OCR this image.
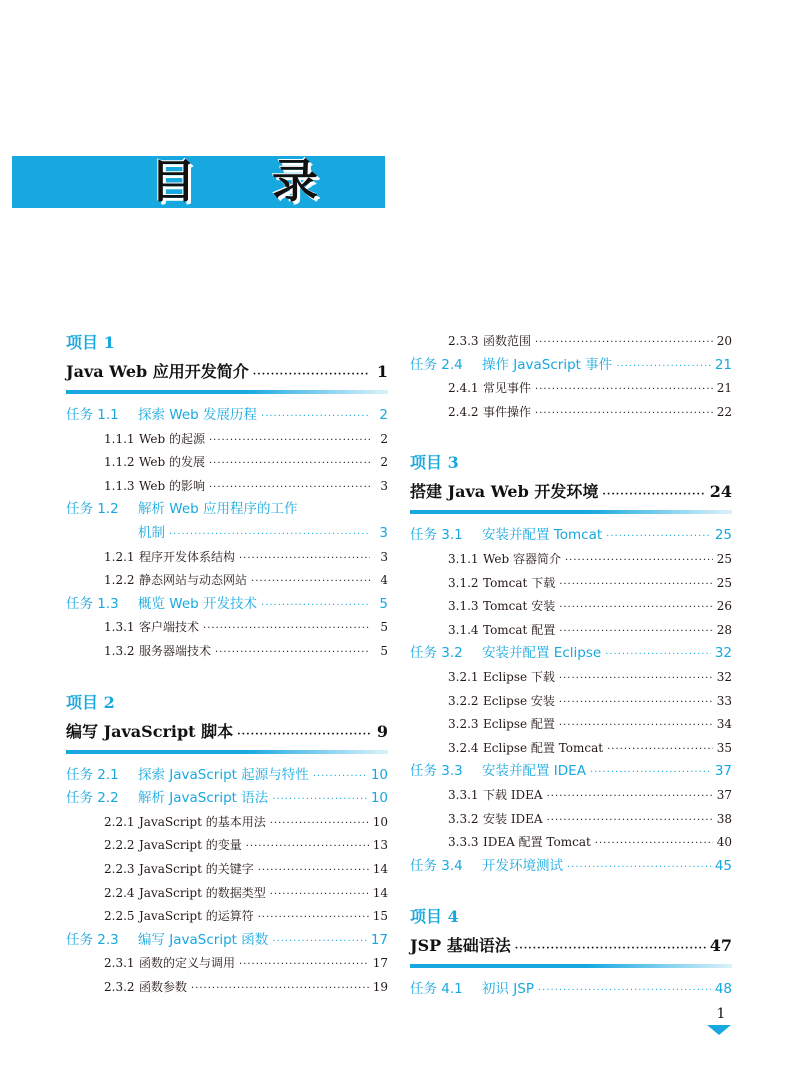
目 录
项目 1
Java Web 应用开发简介 ·····	1
任务 1.1	探索 Web 发展历程 ·····	2
1.1.1 Web 的起源 ·····	2
1.1.2 Web 的发展 ·····	2
1.1.3 Web 的影响 ·····	3
任务 1.2	解析 Web 应用程序的工作
机制 ·····	3
1.2.1 程序开发体系结构 ·····	3
1.2.2 静态网站与动态网站 ·····	4
任务 1.3	概览 Web 开发技术 ·····	5
1.3.1 客户端技术 ·····	5
1.3.2 服务器端技术 ·····	5
项目 2
编写 JavaScript 脚本 ·····	9
任务 2.1	探索 JavaScript 起源与特性 ·····	10
任务 2.2	解析 JavaScript 语法 ·····	10
2.2.1 JavaScript 的基本用法 ·····	10
2.2.2 JavaScript 的变量 ·····	13
2.2.3 JavaScript 的关键字 ·····	14
2.2.4 JavaScript 的数据类型 ·····	14
2.2.5 JavaScript 的运算符 ·····	15
任务 2.3	编写 JavaScript 函数 ·····	17
2.3.1 函数的定义与调用 ·····	17
2.3.2 函数参数 ·····	19
2.3.3 函数范围 ·····	20
任务 2.4	操作 JavaScript 事件 ·····	21
2.4.1 常见事件 ·····	21
2.4.2 事件操作 ·····	22
项目 3
搭建 Java Web 开发环境 ·····	24
任务 3.1	安装并配置 Tomcat ·····	25
3.1.1 Web 容器简介 ·····	25
3.1.2 Tomcat 下载 ·····	25
3.1.3 Tomcat 安装 ·····	26
3.1.4 Tomcat 配置 ·····	28
任务 3.2	安装并配置 Eclipse ·····	32
3.2.1 Eclipse 下载 ·····	32
3.2.2 Eclipse 安装 ·····	33
3.2.3 Eclipse 配置 ·····	34
3.2.4 Eclipse 配置 Tomcat ·····	35
任务 3.3	安装并配置 IDEA ·····	37
3.3.1 下载 IDEA ·····	37
3.3.2 安装 IDEA ·····	38
3.3.3 IDEA 配置 Tomcat ·····	40
任务 3.4	开发环境测试 ·····	45
项目 4
JSP 基础语法 ·····	47
任务 4.1	初识 JSP ·····	48
1
